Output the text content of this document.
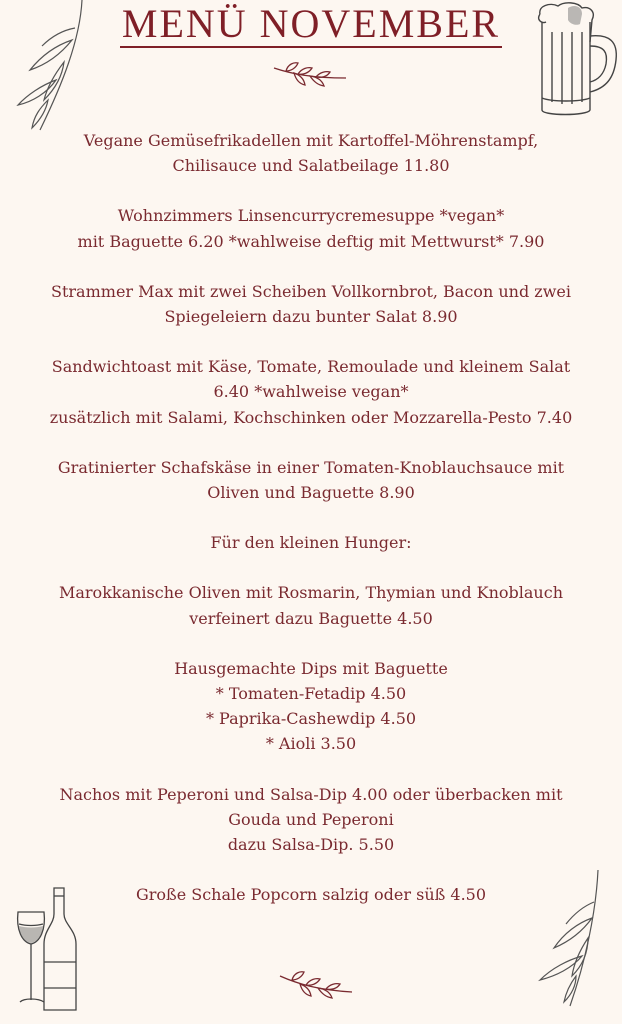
MENÜ NOVEMBER
Vegane Gemüsefrikadellen mit Kartoffel-Möhrenstampf,
Chilisauce und Salatbeilage 11.80
Wohnzimmers Linsencurrycremesuppe *vegan*
mit Baguette 6.20 *wahlweise deftig mit Mettwurst* 7.90
Strammer Max mit zwei Scheiben Vollkornbrot, Bacon und zwei
Spiegeleiern dazu bunter Salat 8.90
Sandwichtoast mit Käse, Tomate, Remoulade und kleinem Salat
6.40 *wahlweise vegan*
zusätzlich mit Salami, Kochschinken oder Mozzarella-Pesto 7.40
Gratinierter Schafskäse in einer Tomaten-Knoblauchsauce mit
Oliven und Baguette 8.90
Für den kleinen Hunger:
Marokkanische Oliven mit Rosmarin, Thymian und Knoblauch
verfeinert dazu Baguette 4.50
Hausgemachte Dips mit Baguette
* Tomaten-Fetadip 4.50
* Paprika-Cashewdip 4.50
* Aioli 3.50
Nachos mit Peperoni und Salsa-Dip 4.00 oder überbacken mit
Gouda und Peperoni
dazu Salsa-Dip. 5.50
Große Schale Popcorn salzig oder süß 4.50
